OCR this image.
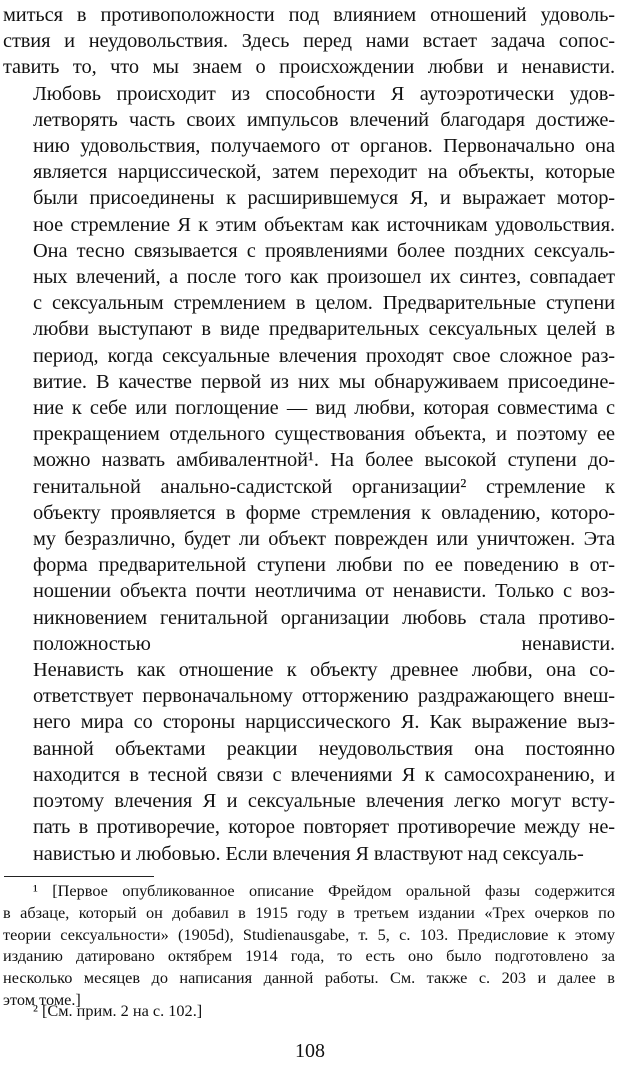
миться в противоположности под влиянием отношений удоволь-
ствия и неудовольствия. Здесь перед нами встает задача сопос-
тавить то, что мы знаем о происхождении любви и ненависти.

Любовь происходит из способности Я аутоэротически удов-
летворять часть своих импульсов влечений благодаря достиже-
нию удовольствия, получаемого от органов. Первоначально она
является нарциссической, затем переходит на объекты, которые
были присоединены к расширившемуся Я, и выражает мотор-
ное стремление Я к этим объектам как источникам удовольствия.
Она тесно связывается с проявлениями более поздних сексуаль-
ных влечений, а после того как произошел их синтез, совпадает
с сексуальным стремлением в целом. Предварительные ступени
любви выступают в виде предварительных сексуальных целей в
период, когда сексуальные влечения проходят свое сложное раз-
витие. В качестве первой из них мы обнаруживаем присоедине-
ние к себе или поглощение — вид любви, которая совместима с
прекращением отдельного существования объекта, и поэтому ее
можно назвать амбивалентной¹. На более высокой ступени до-
генитальной анально-садистской организации² стремление к
объекту проявляется в форме стремления к овладению, которо-
му безразлично, будет ли объект поврежден или уничтожен. Эта
форма предварительной ступени любви по ее поведению в от-
ношении объекта почти неотличима от ненависти. Только с воз-
никновением генитальной организации любовь стала противо-
положностью ненависти.

Ненависть как отношение к объекту древнее любви, она со-
ответствует первоначальному отторжению раздражающего внеш-
него мира со стороны нарциссического Я. Как выражение выз-
ванной объектами реакции неудовольствия она постоянно
находится в тесной связи с влечениями Я к самосохранению, и
поэтому влечения Я и сексуальные влечения легко могут всту-
пать в противоречие, которое повторяет противоречие между не-
навистью и любовью. Если влечения Я властвуют над сексуаль-

¹ [Первое опубликованное описание Фрейдом оральной фазы содержится
в абзаце, который он добавил в 1915 году в третьем издании «Трех очерков по
теории сексуальности» (1905d), Studienausgabe, т. 5, с. 103. Предисловие к этому
изданию датировано октябрем 1914 года, то есть оно было подготовлено за
несколько месяцев до написания данной работы. См. также с. 203 и далее в
этом томе.]

² [См. прим. 2 на с. 102.]

108
